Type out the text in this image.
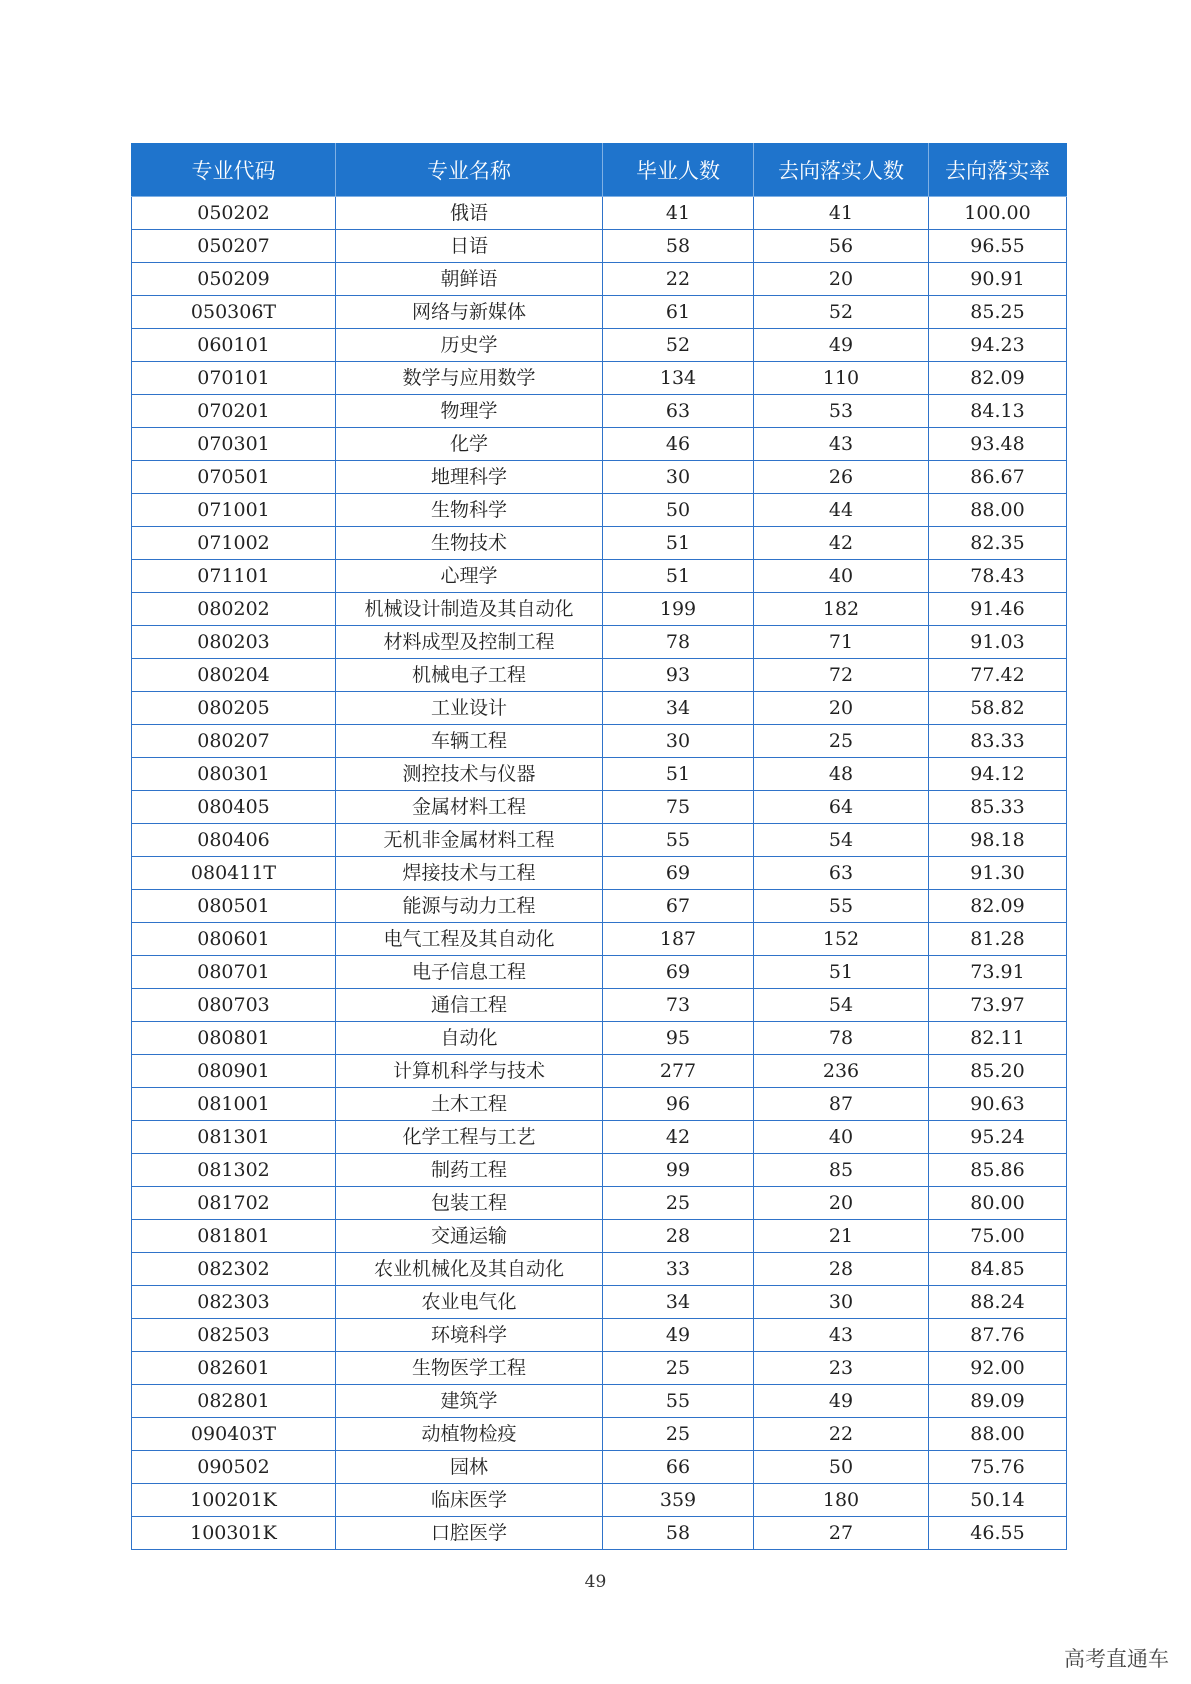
专业代码	专业名称	毕业人数	去向落实人数	去向落实率
050202	俄语	41	41	100.00
050207	日语	58	56	96.55
050209	朝鲜语	22	20	90.91
050306T	网络与新媒体	61	52	85.25
060101	历史学	52	49	94.23
070101	数学与应用数学	134	110	82.09
070201	物理学	63	53	84.13
070301	化学	46	43	93.48
070501	地理科学	30	26	86.67
071001	生物科学	50	44	88.00
071002	生物技术	51	42	82.35
071101	心理学	51	40	78.43
080202	机械设计制造及其自动化	199	182	91.46
080203	材料成型及控制工程	78	71	91.03
080204	机械电子工程	93	72	77.42
080205	工业设计	34	20	58.82
080207	车辆工程	30	25	83.33
080301	测控技术与仪器	51	48	94.12
080405	金属材料工程	75	64	85.33
080406	无机非金属材料工程	55	54	98.18
080411T	焊接技术与工程	69	63	91.30
080501	能源与动力工程	67	55	82.09
080601	电气工程及其自动化	187	152	81.28
080701	电子信息工程	69	51	73.91
080703	通信工程	73	54	73.97
080801	自动化	95	78	82.11
080901	计算机科学与技术	277	236	85.20
081001	土木工程	96	87	90.63
081301	化学工程与工艺	42	40	95.24
081302	制药工程	99	85	85.86
081702	包装工程	25	20	80.00
081801	交通运输	28	21	75.00
082302	农业机械化及其自动化	33	28	84.85
082303	农业电气化	34	30	88.24
082503	环境科学	49	43	87.76
082601	生物医学工程	25	23	92.00
082801	建筑学	55	49	89.09
090403T	动植物检疫	25	22	88.00
090502	园林	66	50	75.76
100201K	临床医学	359	180	50.14
100301K	口腔医学	58	27	46.55
49
高考直通车
